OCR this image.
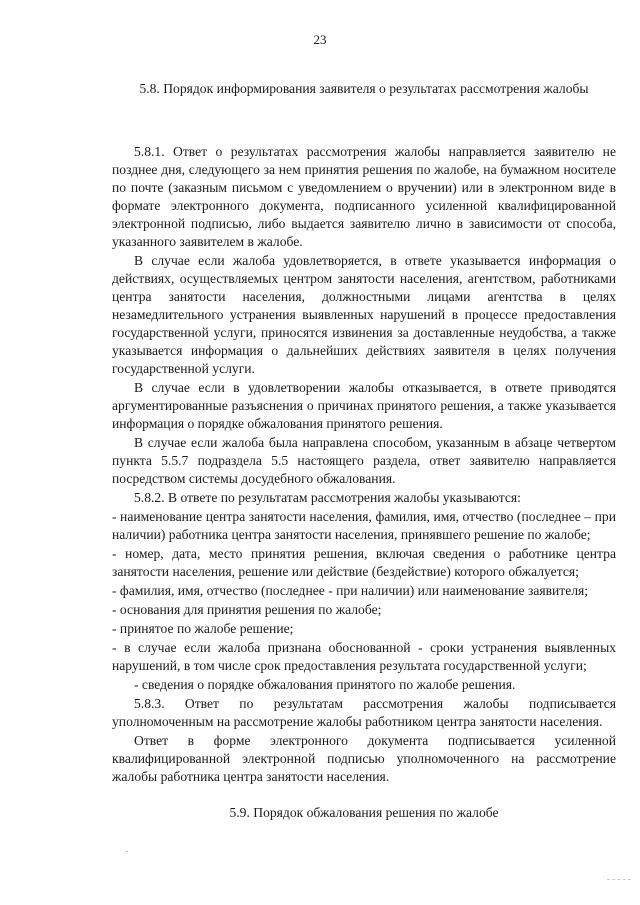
23
5.8. Порядок информирования заявителя о результатах рассмотрения жалобы

5.8.1. Ответ о результатах рассмотрения жалобы направляется заявителю не позднее дня, следующего за нем принятия решения по жалобе, на бумажном носителе по почте (заказным письмом с уведомлением о вручении) или в электронном виде в формате электронного документа, подписанного усиленной квалифицированной электронной подписью, либо выдается заявителю лично в зависимости от способа, указанного заявителем в жалобе.

В случае если жалоба удовлетворяется, в ответе указывается информация о действиях, осуществляемых центром занятости населения, агентством, работниками центра занятости населения, должностными лицами агентства в целях незамедлительного устранения выявленных нарушений в процессе предоставления государственной услуги, приносятся извинения за доставленные неудобства, а также указывается информация о дальнейших действиях заявителя в целях получения государственной услуги.

В случае если в удовлетворении жалобы отказывается, в ответе приводятся аргументированные разъяснения о причинах принятого решения, а также указывается информация о порядке обжалования принятого решения.

В случае если жалоба была направлена способом, указанным в абзаце четвертом пункта 5.5.7 подраздела 5.5 настоящего раздела, ответ заявителю направляется посредством системы досудебного обжалования.

5.8.2. В ответе по результатам рассмотрения жалобы указываются:

- наименование центра занятости населения, фамилия, имя, отчество (последнее – при наличии) работника центра занятости населения, принявшего решение по жалобе;

- номер, дата, место принятия решения, включая сведения о работнике центра занятости населения, решение или действие (бездействие) которого обжалуется;

- фамилия, имя, отчество (последнее - при наличии) или наименование заявителя;

- основания для принятия решения по жалобе;

- принятое по жалобе решение;

- в случае если жалоба признана обоснованной - сроки устранения выявленных нарушений, в том числе срок предоставления результата государственной услуги;

- сведения о порядке обжалования принятого по жалобе решения.

5.8.3. Ответ по результатам рассмотрения жалобы подписывается уполномоченным на рассмотрение жалобы работником центра занятости населения.

Ответ в форме электронного документа подписывается усиленной квалифицированной электронной подписью уполномоченного на рассмотрение жалобы работника центра занятости населения.

5.9. Порядок обжалования решения по жалобе
